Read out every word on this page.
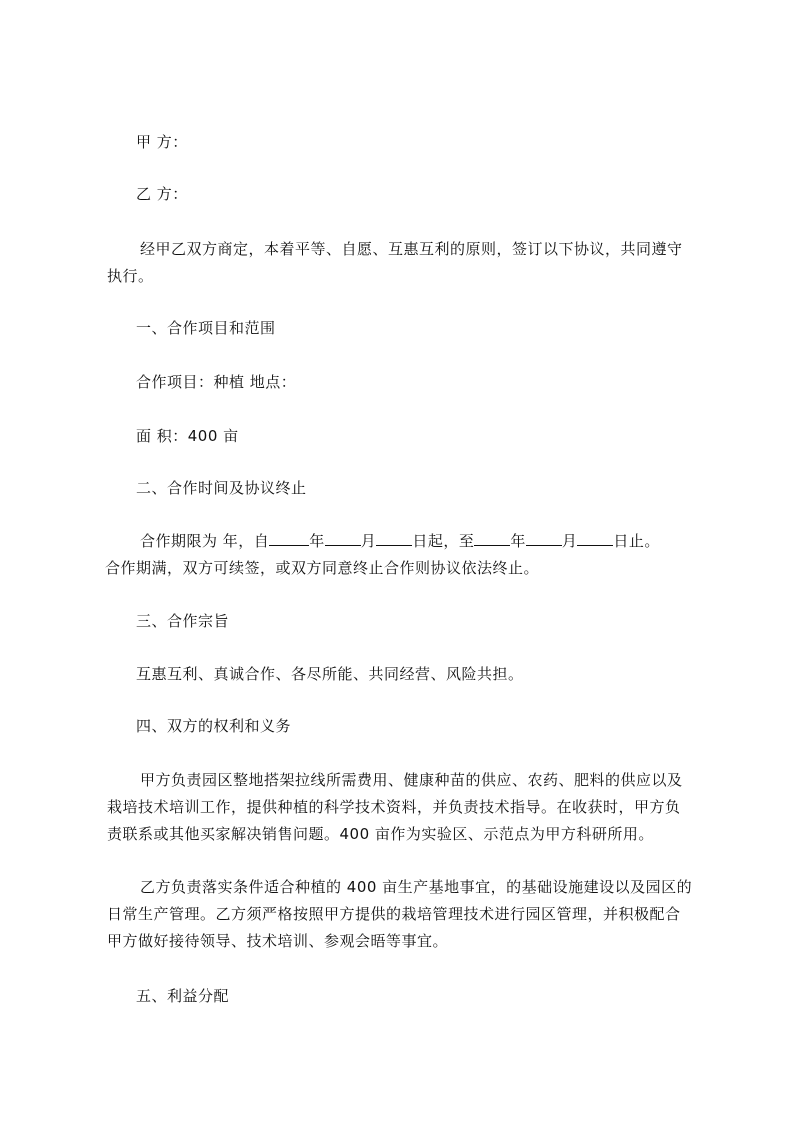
甲 方：
乙 方：
经甲乙双方商定，本着平等、自愿、互惠互利的原则，签订以下协议，共同遵守
执行。
一、合作项目和范围
合作项目：种植 地点：
面 积：400 亩
二、合作时间及协议终止
合作期限为 年，自	年 月 日起，至 年 月 日止。
合作期满，双方可续签，或双方同意终止合作则协议依法终止。
三、合作宗旨
互惠互利、真诚合作、各尽所能、共同经营、风险共担。
四、双方的权利和义务
甲方负责园区整地搭架拉线所需费用、健康种苗的供应、农药、肥料的供应以及
栽培技术培训工作，提供种植的科学技术资料，并负责技术指导。在收获时，甲方负
责联系或其他买家解决销售问题。400 亩作为实验区、示范点为甲方科研所用。
乙方负责落实条件适合种植的 400 亩生产基地事宜，的基础设施建设以及园区的
日常生产管理。乙方须严格按照甲方提供的栽培管理技术进行园区管理，并积极配合
甲方做好接待领导、技术培训、参观会晤等事宜。
五、利益分配
